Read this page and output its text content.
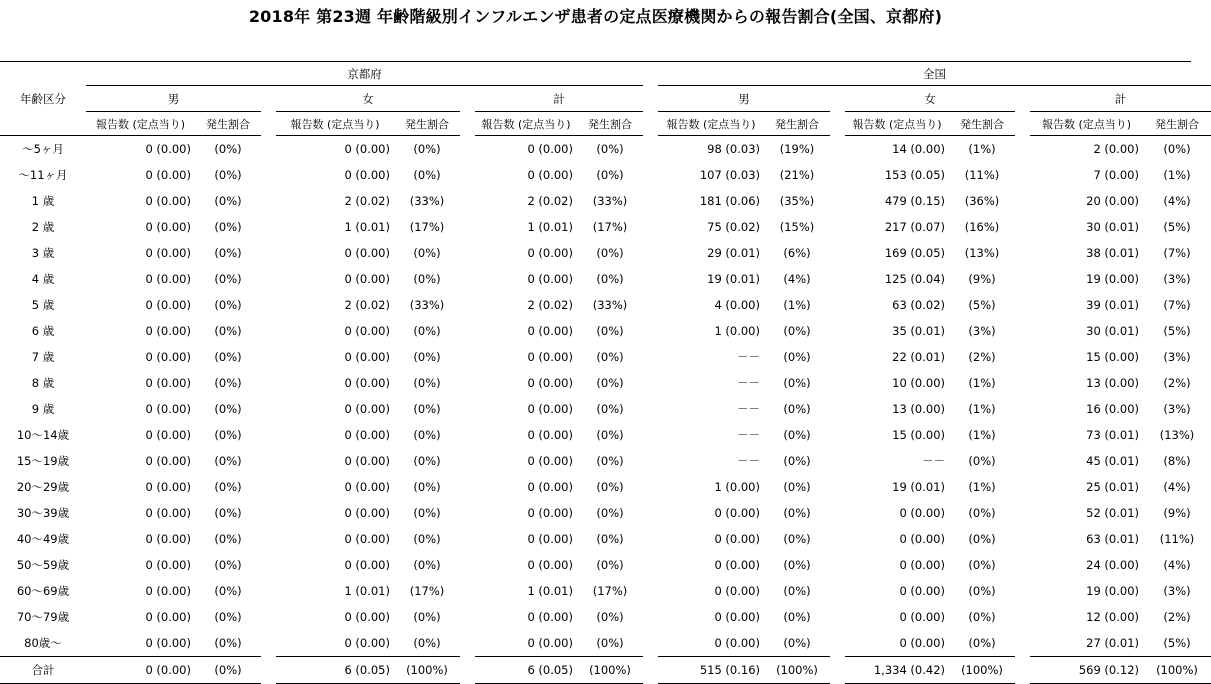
2018年 第23週 年齢階級別インフルエンザ患者の定点医療機関からの報告割合(全国、京都府)
年齢区分	京都府									全国							
	男			女			計			男			女			計	
	報告数 (定点当り)	発生割合		報告数 (定点当り)	発生割合		報告数 (定点当り)	発生割合		報告数 (定点当り)	発生割合		報告数 (定点当り)	発生割合		報告数 (定点当り)	発生割合
～5ヶ月	0 (0.00)	(0%)		0 (0.00)	(0%)		0 (0.00)	(0%)		98 (0.03)	(19%)		14 (0.00)	(1%)		2 (0.00)	(0%)
～11ヶ月	0 (0.00)	(0%)		0 (0.00)	(0%)		0 (0.00)	(0%)		107 (0.03)	(21%)		153 (0.05)	(11%)		7 (0.00)	(1%)
1 歳	0 (0.00)	(0%)		2 (0.02)	(33%)		2 (0.02)	(33%)		181 (0.06)	(35%)		479 (0.15)	(36%)		20 (0.00)	(4%)
2 歳	0 (0.00)	(0%)		1 (0.01)	(17%)		1 (0.01)	(17%)		75 (0.02)	(15%)		217 (0.07)	(16%)		30 (0.01)	(5%)
3 歳	0 (0.00)	(0%)		0 (0.00)	(0%)		0 (0.00)	(0%)		29 (0.01)	(6%)		169 (0.05)	(13%)		38 (0.01)	(7%)
4 歳	0 (0.00)	(0%)		0 (0.00)	(0%)		0 (0.00)	(0%)		19 (0.01)	(4%)		125 (0.04)	(9%)		19 (0.00)	(3%)
5 歳	0 (0.00)	(0%)		2 (0.02)	(33%)		2 (0.02)	(33%)		4 (0.00)	(1%)		63 (0.02)	(5%)		39 (0.01)	(7%)
6 歳	0 (0.00)	(0%)		0 (0.00)	(0%)		0 (0.00)	(0%)		1 (0.00)	(0%)		35 (0.01)	(3%)		30 (0.01)	(5%)
7 歳	0 (0.00)	(0%)		0 (0.00)	(0%)		0 (0.00)	(0%)		－－	(0%)		22 (0.01)	(2%)		15 (0.00)	(3%)
8 歳	0 (0.00)	(0%)		0 (0.00)	(0%)		0 (0.00)	(0%)		－－	(0%)		10 (0.00)	(1%)		13 (0.00)	(2%)
9 歳	0 (0.00)	(0%)		0 (0.00)	(0%)		0 (0.00)	(0%)		－－	(0%)		13 (0.00)	(1%)		16 (0.00)	(3%)
10～14歳	0 (0.00)	(0%)		0 (0.00)	(0%)		0 (0.00)	(0%)		－－	(0%)		15 (0.00)	(1%)		73 (0.01)	(13%)
15～19歳	0 (0.00)	(0%)		0 (0.00)	(0%)		0 (0.00)	(0%)		－－	(0%)		－－	(0%)		45 (0.01)	(8%)
20～29歳	0 (0.00)	(0%)		0 (0.00)	(0%)		0 (0.00)	(0%)		1 (0.00)	(0%)		19 (0.01)	(1%)		25 (0.01)	(4%)
30～39歳	0 (0.00)	(0%)		0 (0.00)	(0%)		0 (0.00)	(0%)		0 (0.00)	(0%)		0 (0.00)	(0%)		52 (0.01)	(9%)
40～49歳	0 (0.00)	(0%)		0 (0.00)	(0%)		0 (0.00)	(0%)		0 (0.00)	(0%)		0 (0.00)	(0%)		63 (0.01)	(11%)
50～59歳	0 (0.00)	(0%)		0 (0.00)	(0%)		0 (0.00)	(0%)		0 (0.00)	(0%)		0 (0.00)	(0%)		24 (0.00)	(4%)
60～69歳	0 (0.00)	(0%)		1 (0.01)	(17%)		1 (0.01)	(17%)		0 (0.00)	(0%)		0 (0.00)	(0%)		19 (0.00)	(3%)
70～79歳	0 (0.00)	(0%)		0 (0.00)	(0%)		0 (0.00)	(0%)		0 (0.00)	(0%)		0 (0.00)	(0%)		12 (0.00)	(2%)
80歳～	0 (0.00)	(0%)		0 (0.00)	(0%)		0 (0.00)	(0%)		0 (0.00)	(0%)		0 (0.00)	(0%)		27 (0.01)	(5%)
合計	0 (0.00)	(0%)		6 (0.05)	(100%)		6 (0.05)	(100%)		515 (0.16)	(100%)		1,334 (0.42)	(100%)		569 (0.12)	(100%)
